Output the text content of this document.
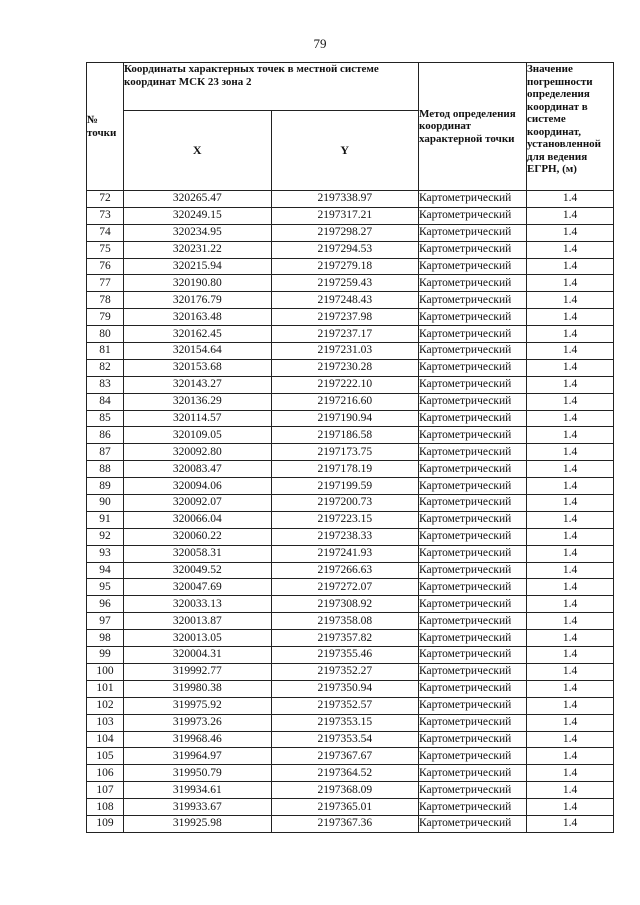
79
№ точки	Координаты характерных точек в местной системе координат МСК 23 зона 2		Метод определения координат характерной точки	Значение погрешности определения координат в системе координат, установленной для ведения ЕГРН, (м)
	X	Y		
72	320265.47	2197338.97	Картометрический	1.4
73	320249.15	2197317.21	Картометрический	1.4
74	320234.95	2197298.27	Картометрический	1.4
75	320231.22	2197294.53	Картометрический	1.4
76	320215.94	2197279.18	Картометрический	1.4
77	320190.80	2197259.43	Картометрический	1.4
78	320176.79	2197248.43	Картометрический	1.4
79	320163.48	2197237.98	Картометрический	1.4
80	320162.45	2197237.17	Картометрический	1.4
81	320154.64	2197231.03	Картометрический	1.4
82	320153.68	2197230.28	Картометрический	1.4
83	320143.27	2197222.10	Картометрический	1.4
84	320136.29	2197216.60	Картометрический	1.4
85	320114.57	2197190.94	Картометрический	1.4
86	320109.05	2197186.58	Картометрический	1.4
87	320092.80	2197173.75	Картометрический	1.4
88	320083.47	2197178.19	Картометрический	1.4
89	320094.06	2197199.59	Картометрический	1.4
90	320092.07	2197200.73	Картометрический	1.4
91	320066.04	2197223.15	Картометрический	1.4
92	320060.22	2197238.33	Картометрический	1.4
93	320058.31	2197241.93	Картометрический	1.4
94	320049.52	2197266.63	Картометрический	1.4
95	320047.69	2197272.07	Картометрический	1.4
96	320033.13	2197308.92	Картометрический	1.4
97	320013.87	2197358.08	Картометрический	1.4
98	320013.05	2197357.82	Картометрический	1.4
99	320004.31	2197355.46	Картометрический	1.4
100	319992.77	2197352.27	Картометрический	1.4
101	319980.38	2197350.94	Картометрический	1.4
102	319975.92	2197352.57	Картометрический	1.4
103	319973.26	2197353.15	Картометрический	1.4
104	319968.46	2197353.54	Картометрический	1.4
105	319964.97	2197367.67	Картометрический	1.4
106	319950.79	2197364.52	Картометрический	1.4
107	319934.61	2197368.09	Картометрический	1.4
108	319933.67	2197365.01	Картометрический	1.4
109	319925.98	2197367.36	Картометрический	1.4
